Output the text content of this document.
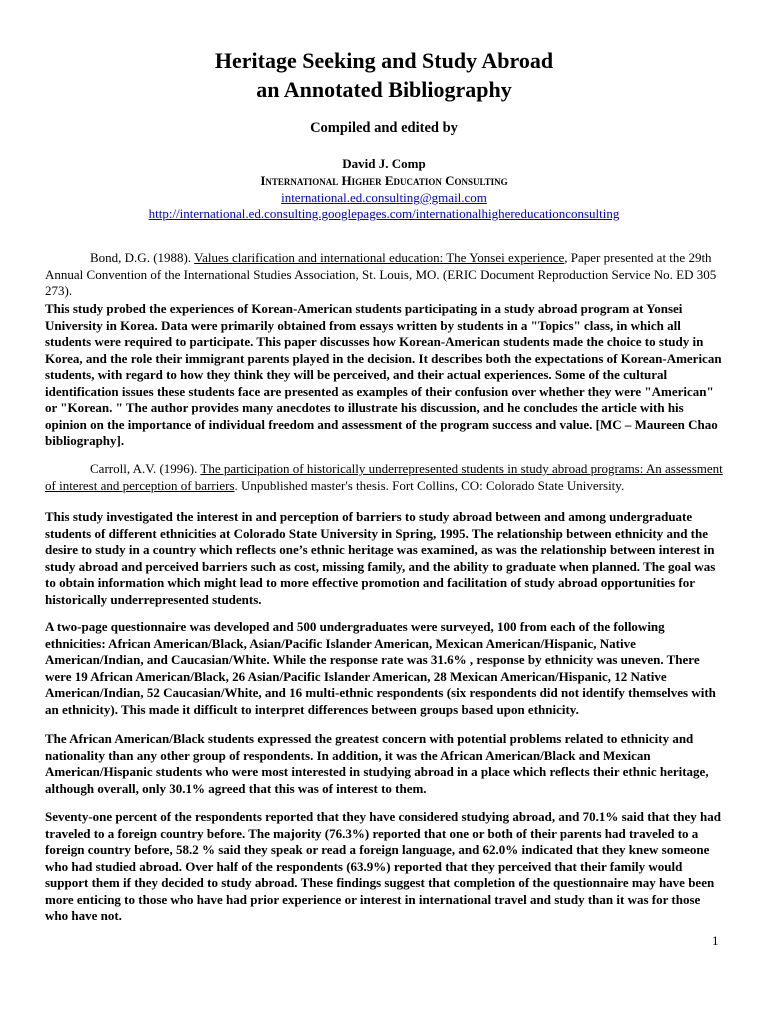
Heritage Seeking and Study Abroad
an Annotated Bibliography
Compiled and edited by
David J. Comp
International Higher Education Consulting
international.ed.consulting@gmail.com
http://international.ed.consulting.googlepages.com/internationalhighereducationconsulting

Bond, D.G. (1988). Values clarification and international education: The Yonsei experience, Paper presented at the 29th Annual Convention of the International Studies Association, St. Louis, MO. (ERIC Document Reproduction Service No. ED 305 273).

This study probed the experiences of Korean-American students participating in a study abroad program at Yonsei University in Korea. Data were primarily obtained from essays written by students in a "Topics" class, in which all students were required to participate. This paper discusses how Korean-American students made the choice to study in Korea, and the role their immigrant parents played in the decision. It describes both the expectations of Korean-American students, with regard to how they think they will be perceived, and their actual experiences. Some of the cultural identification issues these students face are presented as examples of their confusion over whether they were "American" or "Korean. " The author provides many anecdotes to illustrate his discussion, and he concludes the article with his opinion on the importance of individual freedom and assessment of the program success and value. [MC – Maureen Chao bibliography].

Carroll, A.V. (1996). The participation of historically underrepresented students in study abroad programs: An assessment of interest and perception of barriers. Unpublished master's thesis. Fort Collins, CO: Colorado State University.

This study investigated the interest in and perception of barriers to study abroad between and among undergraduate students of different ethnicities at Colorado State University in Spring, 1995. The relationship between ethnicity and the desire to study in a country which reflects one’s ethnic heritage was examined, as was the relationship between interest in study abroad and perceived barriers such as cost, missing family, and the ability to graduate when planned. The goal was to obtain information which might lead to more effective promotion and facilitation of study abroad opportunities for historically underrepresented students.

A two-page questionnaire was developed and 500 undergraduates were surveyed, 100 from each of the following ethnicities: African American/Black, Asian/Pacific Islander American, Mexican American/Hispanic, Native American/Indian, and Caucasian/White. While the response rate was 31.6% , response by ethnicity was uneven. There were 19 African American/Black, 26 Asian/Pacific Islander American, 28 Mexican American/Hispanic, 12 Native American/Indian, 52 Caucasian/White, and 16 multi-ethnic respondents (six respondents did not identify themselves with an ethnicity). This made it difficult to interpret differences between groups based upon ethnicity.

The African American/Black students expressed the greatest concern with potential problems related to ethnicity and nationality than any other group of respondents. In addition, it was the African American/Black and Mexican American/Hispanic students who were most interested in studying abroad in a place which reflects their ethnic heritage, although overall, only 30.1% agreed that this was of interest to them.

Seventy-one percent of the respondents reported that they have considered studying abroad, and 70.1% said that they had traveled to a foreign country before. The majority (76.3%) reported that one or both of their parents had traveled to a foreign country before, 58.2 % said they speak or read a foreign language, and 62.0% indicated that they knew someone who had studied abroad. Over half of the respondents (63.9%) reported that they perceived that their family would support them if they decided to study abroad. These findings suggest that completion of the questionnaire may have been more enticing to those who have had prior experience or interest in international travel and study than it was for those who have not.

1
